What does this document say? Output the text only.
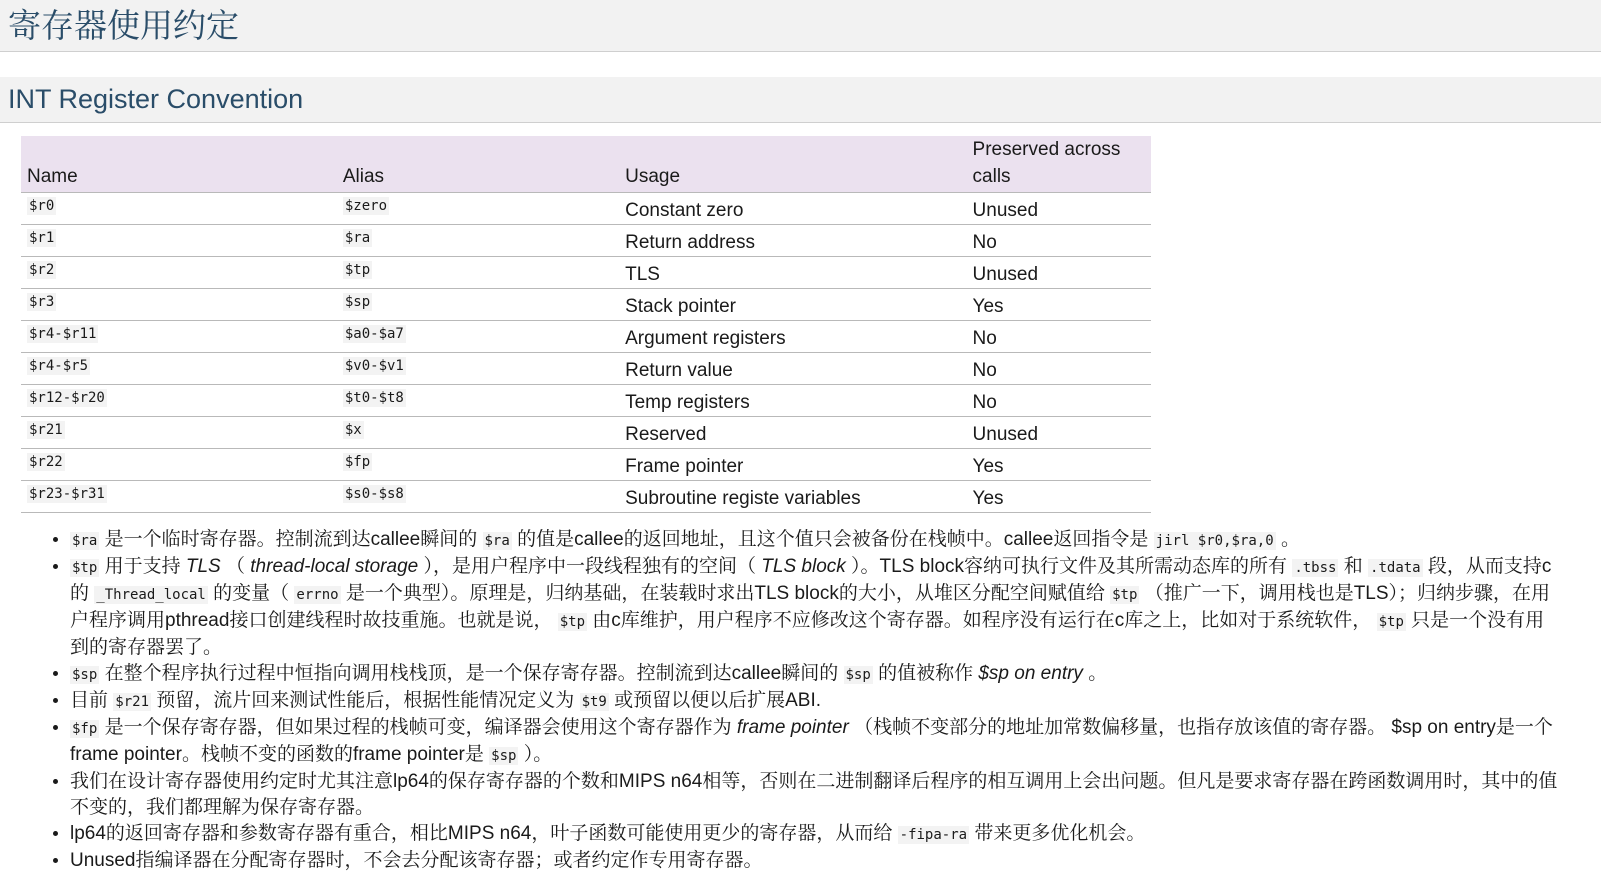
寄存器使用约定
INT Register Convention
Name	Alias	Usage	Preserved across calls
$r0	$zero	Constant zero	Unused
$r1	$ra	Return address	No
$r2	$tp	TLS	Unused
$r3	$sp	Stack pointer	Yes
$r4-$r11	$a0-$a7	Argument registers	No
$r4-$r5	$v0-$v1	Return value	No
$r12-$r20	$t0-$t8	Temp registers	No
$r21	$x	Reserved	Unused
$r22	$fp	Frame pointer	Yes
$r23-$r31	$s0-$s8	Subroutine registe variables	Yes
• $ra 是一个临时寄存器。控制流到达callee瞬间的 $ra 的值是callee的返回地址，且这个值只会被备份在栈帧中。callee返回指令是 jirl $r0,$ra,0 。
• $tp 用于支持 TLS （ thread-local storage ），是用户程序中一段线程独有的空间（ TLS block ）。TLS block容纳可执行文件及其所需动态库的所有 .tbss 和 .tdata 段，从而支持c的 _Thread_local 的变量（ errno 是一个典型）。原理是，归纳基础，在装载时求出TLS block的大小，从堆区分配空间赋值给 $tp （推广一下，调用栈也是TLS）；归纳步骤，在用户程序调用pthread接口创建线程时故技重施。也就是说， $tp 由c库维护，用户程序不应修改这个寄存器。如程序没有运行在c库之上，比如对于系统软件， $tp 只是一个没有用到的寄存器罢了。
• $sp 在整个程序执行过程中恒指向调用栈栈顶，是一个保存寄存器。控制流到达callee瞬间的 $sp 的值被称作 $sp on entry 。
• 目前 $r21 预留，流片回来测试性能后，根据性能情况定义为 $t9 或预留以便以后扩展ABI.
• $fp 是一个保存寄存器，但如果过程的栈帧可变，编译器会使用这个寄存器作为 frame pointer （栈帧不变部分的地址加常数偏移量，也指存放该值的寄存器。 $sp on entry是一个frame pointer。栈帧不变的函数的frame pointer是 $sp ）。
• 我们在设计寄存器使用约定时尤其注意lp64的保存寄存器的个数和MIPS n64相等，否则在二进制翻译后程序的相互调用上会出问题。但凡是要求寄存器在跨函数调用时，其中的值不变的，我们都理解为保存寄存器。
• lp64的返回寄存器和参数寄存器有重合，相比MIPS n64，叶子函数可能使用更少的寄存器，从而给 -fipa-ra 带来更多优化机会。
• Unused指编译器在分配寄存器时，不会去分配该寄存器；或者约定作专用寄存器。
